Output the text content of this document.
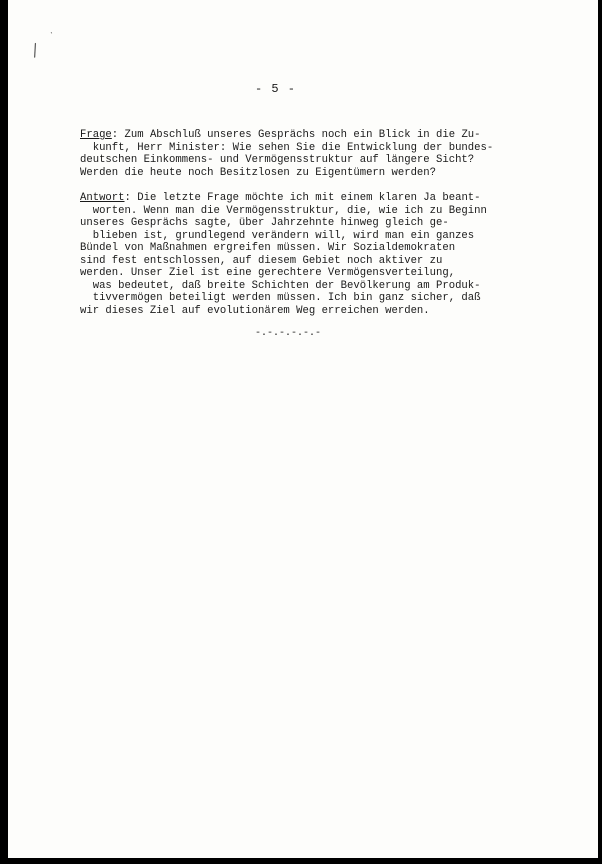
ˎ
╱
- 5 -
Frage: Zum Abschluß unseres Gesprächs noch ein Blick in die Zu-
kunft, Herr Minister: Wie sehen Sie die Entwicklung der bundes-
deutschen Einkommens- und Vermögensstruktur auf längere Sicht?
Werden die heute noch Besitzlosen zu Eigentümern werden?
Antwort: Die letzte Frage möchte ich mit einem klaren Ja beant-
worten. Wenn man die Vermögensstruktur, die, wie ich zu Beginn
unseres Gesprächs sagte, über Jahrzehnte hinweg gleich ge-
blieben ist, grundlegend verändern will, wird man ein ganzes
Bündel von Maßnahmen ergreifen müssen. Wir Sozialdemokraten
sind fest entschlossen, auf diesem Gebiet noch aktiver zu
werden. Unser Ziel ist eine gerechtere Vermögensverteilung,
was bedeutet, daß breite Schichten der Bevölkerung am Produk-
tivvermögen beteiligt werden müssen. Ich bin ganz sicher, daß
wir dieses Ziel auf evolutionärem Weg erreichen werden.
-.-.-.-.-.-
